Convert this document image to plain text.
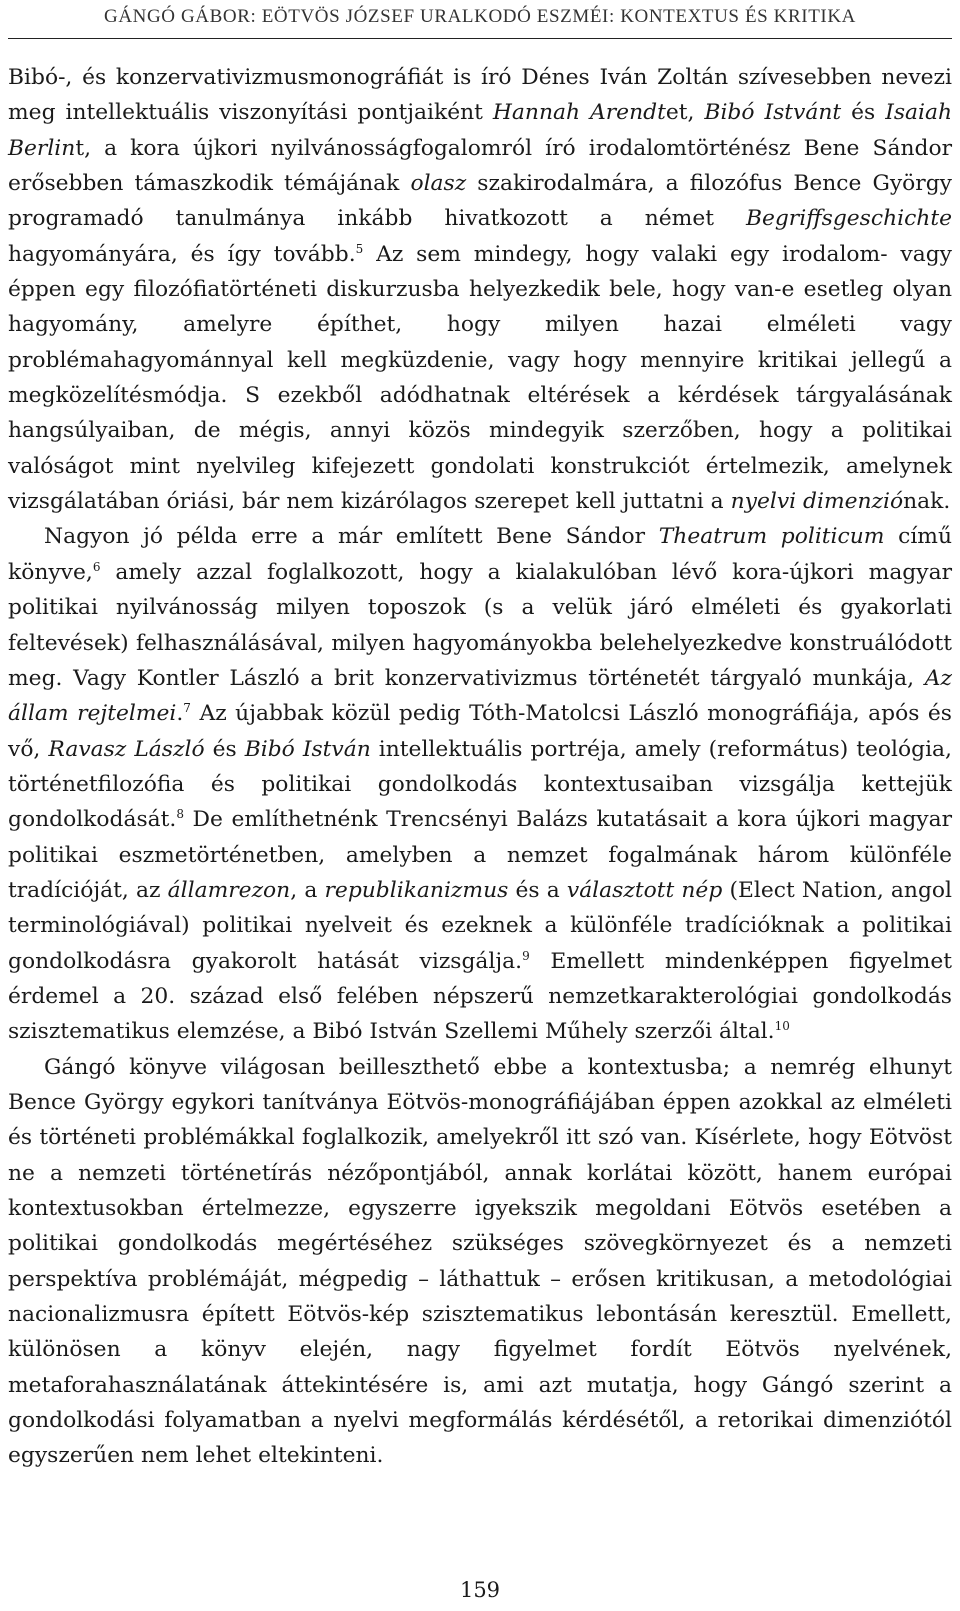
GÁNGÓ GÁBOR: EÖTVÖS JÓZSEF URALKODÓ ESZMÉI: KONTEXTUS ÉS KRITIKA

Bibó-, és konzervativizmusmonográfiát is író Dénes Iván Zoltán szívesebben nevezi meg intellektuális viszonyítási pontjaiként Hannah Arendtet, Bibó Istvánt és Isaiah Berlint, a kora újkori nyilvánosságfogalomról író irodalomtörténész Bene Sándor erősebben támaszkodik témájának olasz szakirodalmára, a filozófus Bence György programadó tanulmánya inkább hivatkozott a német Begriffsgeschichte hagyományára, és így tovább.$^5$ Az sem mindegy, hogy valaki egy irodalom- vagy éppen egy filozófiatörténeti diskurzusba helyezkedik bele, hogy van-e esetleg olyan hagyomány, amelyre építhet, hogy milyen hazai elméleti vagy problémahagyománnyal kell megküzdenie, vagy hogy mennyire kritikai jellegű a megközelítésmódja. S ezekből adódhatnak eltérések a kérdések tárgyalásának hangsúlyaiban, de mégis, annyi közös mindegyik szerzőben, hogy a politikai valóságot mint nyelvileg kifejezett gondolati konstrukciót értelmezik, amelynek vizsgálatában óriási, bár nem kizárólagos szerepet kell juttatni a nyelvi dimenziónak.

Nagyon jó példa erre a már említett Bene Sándor Theatrum politicum című könyve,$^6$ amely azzal foglalkozott, hogy a kialakulóban lévő kora-újkori magyar politikai nyilvánosság milyen toposzok (s a velük járó elméleti és gyakorlati feltevések) felhasználásával, milyen hagyományokba belehelyezkedve konstruálódott meg. Vagy Kontler László a brit konzervativizmus történetét tárgyaló munkája, Az állam rejtelmei.$^7$ Az újabbak közül pedig Tóth-Matolcsi László monográfiája, após és vő, Ravasz László és Bibó István intellektuális portréja, amely (református) teológia, történetfilozófia és politikai gondolkodás kontextusaiban vizsgálja kettejük gondolkodását.$^8$ De említhetnénk Trencsényi Balázs kutatásait a kora újkori magyar politikai eszmetörténetben, amelyben a nemzet fogalmának három különféle tradícióját, az államrezon, a republikanizmus és a választott nép (Elect Nation, angol terminológiával) politikai nyelveit és ezeknek a különféle tradícióknak a politikai gondolkodásra gyakorolt hatását vizsgálja.$^9$ Emellett mindenképpen figyelmet érdemel a 20. század első felében népszerű nemzetkarakterológiai gondolkodás szisztematikus elemzése, a Bibó István Szellemi Műhely szerzői által.$^{10}$

Gángó könyve világosan beilleszthető ebbe a kontextusba; a nemrég elhunyt Bence György egykori tanítványa Eötvös-monográfiájában éppen azokkal az elméleti és történeti problémákkal foglalkozik, amelyekről itt szó van. Kísérlete, hogy Eötvöst ne a nemzeti történetírás nézőpontjából, annak korlátai között, hanem európai kontextusokban értelmezze, egyszerre igyekszik megoldani Eötvös esetében a politikai gondolkodás megértéséhez szükséges szövegkörnyezet és a nemzeti perspektíva problémáját, mégpedig – láthattuk – erősen kritikusan, a metodológiai nacionalizmusra épített Eötvös-kép szisztematikus lebontásán keresztül. Emellett, különösen a könyv elején, nagy figyelmet fordít Eötvös nyelvének, metaforahasználatának áttekintésére is, ami azt mutatja, hogy Gángó szerint a gondolkodási folyamatban a nyelvi megformálás kérdésétől, a retorikai dimenziótól egyszerűen nem lehet eltekinteni.

159
